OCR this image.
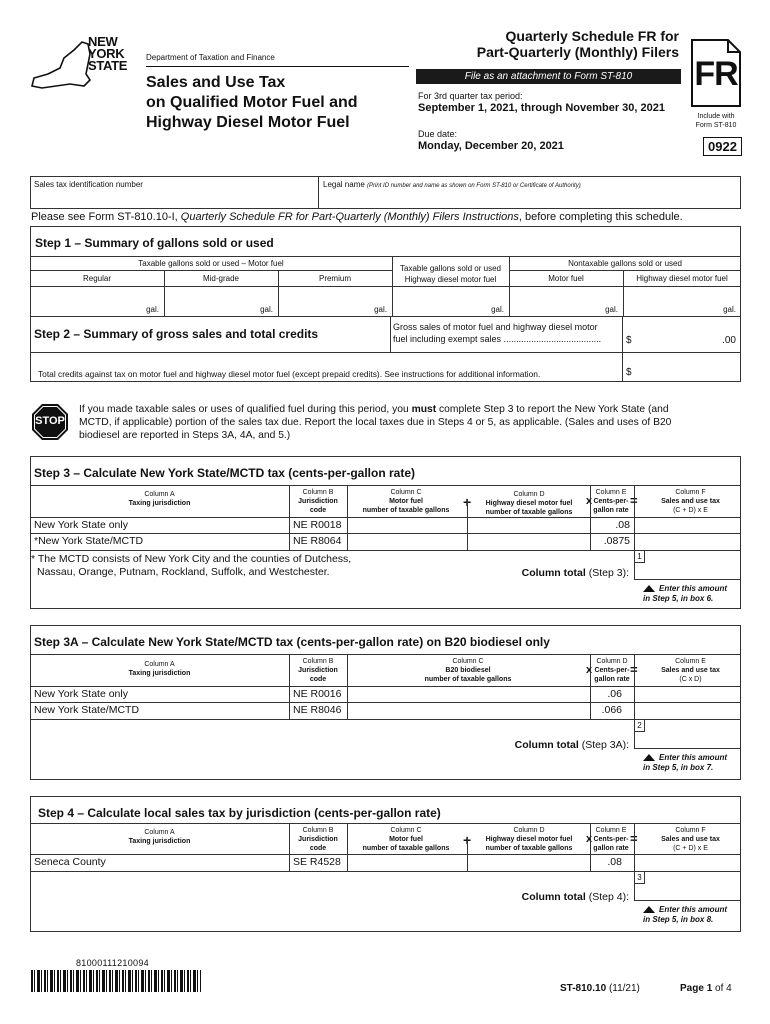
NEW
YORK
STATE
Department of Taxation and Finance
Sales and Use Tax
on Qualified Motor Fuel and
Highway Diesel Motor Fuel
Quarterly Schedule FR for
Part-Quarterly (Monthly) Filers
File as an attachment to Form ST-810
For 3rd quarter tax period:
September 1, 2021, through November 30, 2021
Due date:
Monday, December 20, 2021
FR
Include with
Form ST-810
0922
Sales tax identification number	Legal name (Print ID number and name as shown on Form ST-810 or Certificate of Authority)
Please see Form ST-810.10-I, Quarterly Schedule FR for Part-Quarterly (Monthly) Filers Instructions, before completing this schedule.
Step 1 – Summary of gallons sold or used
Taxable gallons sold or used – Motor fuel
Regular	Mid-grade	Premium
Taxable gallons sold or used
Highway diesel motor fuel
Nontaxable gallons sold or used
Motor fuel	Highway diesel motor fuel
gal.	gal.	gal.	gal.	gal.	gal.
Step 2 – Summary of gross sales and total credits	Gross sales of motor fuel and highway diesel motor
fuel including exempt sales ....................................... $	.00
Total credits against tax on motor fuel and highway diesel motor fuel (except prepaid credits). See instructions for additional information.	$
STOP
If you made taxable sales or uses of qualified fuel during this period, you must complete Step 3 to report the New York State (and
MCTD, if applicable) portion of the sales tax due. Report the local taxes due in Steps 4 or 5, as applicable. (Sales and uses of B20
biodiesel are reported in Steps 3A, 4A, and 5.)
Step 3 – Calculate New York State/MCTD tax (cents-per-gallon rate)
Column A
Taxing jurisdiction
Column B
Jurisdiction
code
Column C
Motor fuel
number of taxable gallons
+	Column D
Highway diesel motor fuel
number of taxable gallons
x
Column E
Cents-per-
gallon rate
=
Column F
Sales and use tax
(C + D) x E
New York State only	NE R0018	.08
*New York State/MCTD	NE R8064	.0875
* The MCTD consists of New York City and the counties of Dutchess,
Nassau, Orange, Putnam, Rockland, Suffolk, and Westchester.	Column total (Step 3):
1
Enter this amount
in Step 5, in box 6.
Step 3A – Calculate New York State/MCTD tax (cents-per-gallon rate) on B20 biodiesel only
Column A
Taxing jurisdiction
Column B
Jurisdiction
code
Column C
B20 biodiesel
number of taxable gallons
x
Column D
Cents-per-
gallon rate
=
Column E
Sales and use tax
(C x D)
New York State only	NE R0016	.06
New York State/MCTD	NE R8046	.066
Column total (Step 3A):
2
Enter this amount
in Step 5, in box 7.
Step 4 – Calculate local sales tax by jurisdiction (cents-per-gallon rate)
Column A
Taxing jurisdiction
Column B
Jurisdiction
code
Column C
Motor fuel
number of taxable gallons
+
Column D
Highway diesel motor fuel
number of taxable gallons
x
Column E
Cents-per-
gallon rate
=
Column F
Sales and use tax
(C + D) x E
Seneca County	SE R4528	.08
Column total (Step 4):
3
Enter this amount
in Step 5, in box 8.
81000111210094
ST-810.10 (11/21)	Page 1 of 4
